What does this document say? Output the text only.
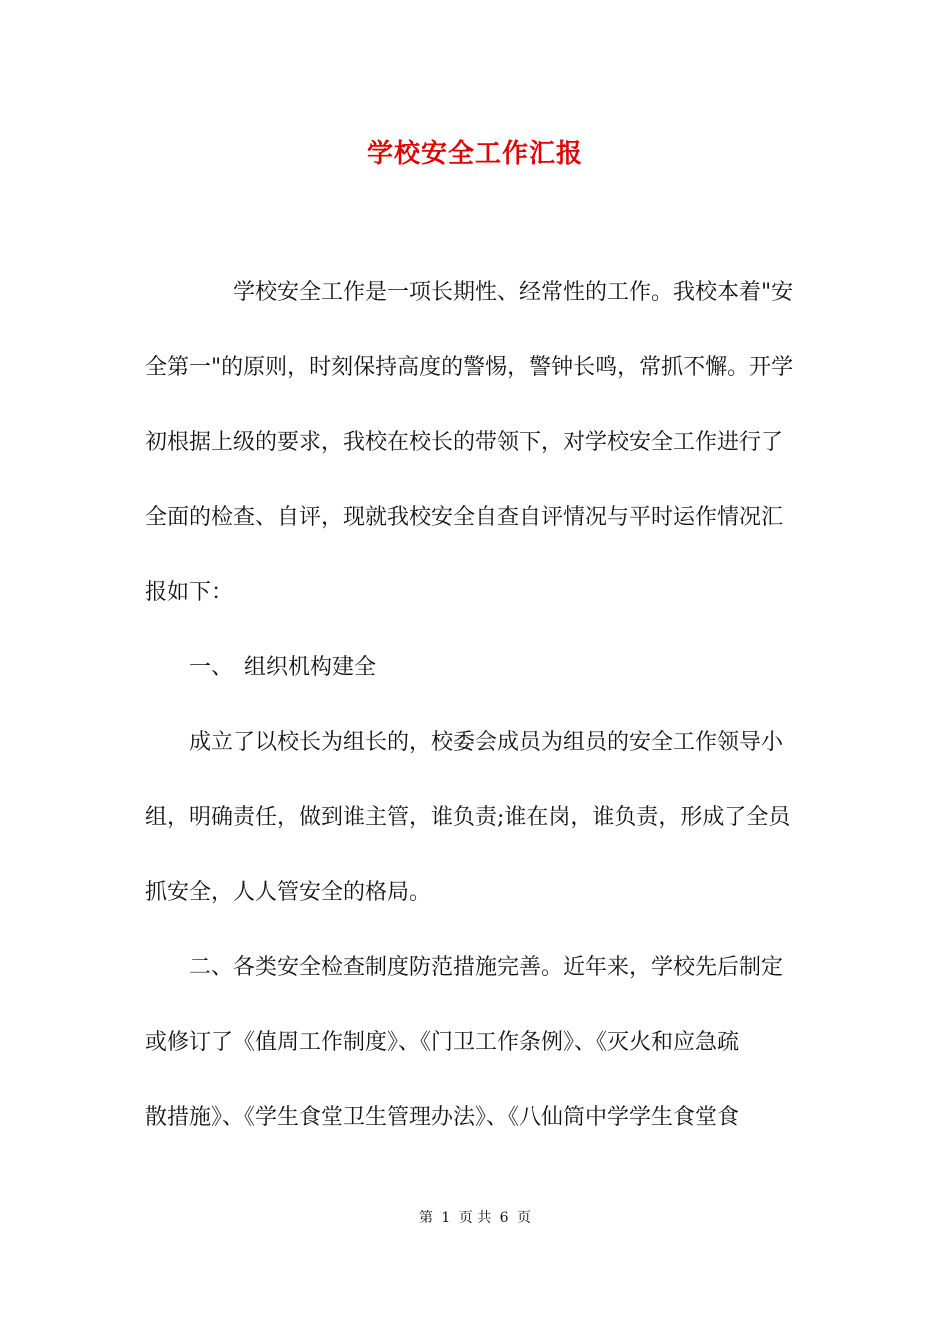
学校安全工作汇报
　　　　学校安全工作是一项长期性、经常性的工作。我校本着"安
全第一"的原则，时刻保持高度的警惕，警钟长鸣，常抓不懈。开学
初根据上级的要求，我校在校长的带领下，对学校安全工作进行了
全面的检查、自评，现就我校安全自查自评情况与平时运作情况汇
报如下：
　　一、　组织机构建全
　　成立了以校长为组长的，校委会成员为组员的安全工作领导小
组，明确责任，做到谁主管，谁负责;谁在岗，谁负责，形成了全员
抓安全，人人管安全的格局。
　　二、各类安全检查制度防范措施完善。近年来，学校先后制定
或修订了《值周工作制度》、《门卫工作条例》、《灭火和应急疏
散措施》、《学生食堂卫生管理办法》、《八仙筒中学学生食堂食
第 1 页 共 6 页
